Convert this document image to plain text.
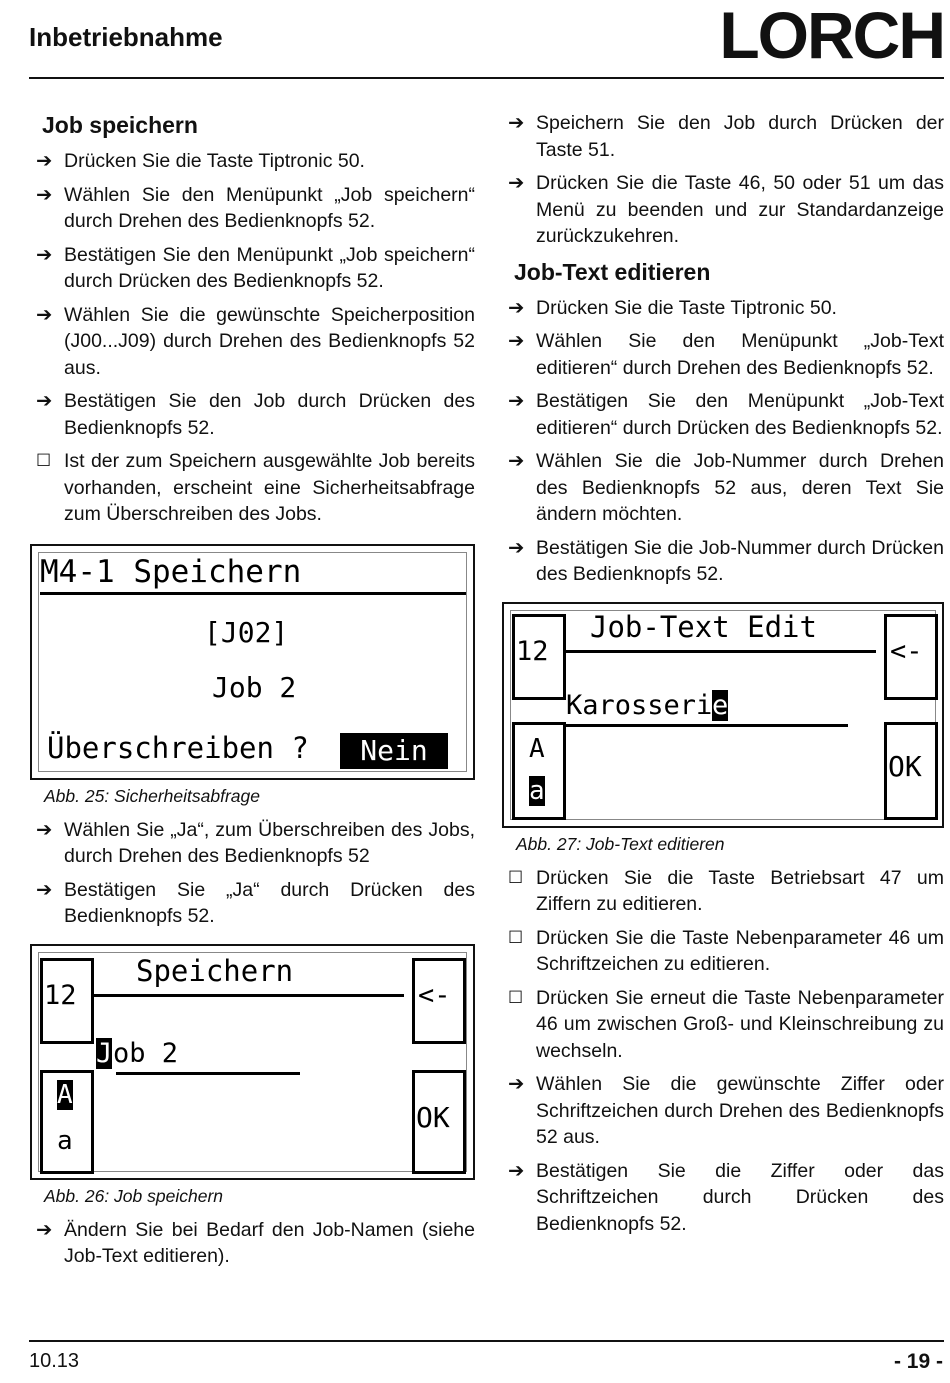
Inbetriebnahme	LORCH
Job speichern
➔ Drücken Sie die Taste Tiptronic 50.
➔ Wählen Sie den Menüpunkt „Job speichern“ durch Drehen des Bedienknopfs 52.
➔ Bestätigen Sie den Menüpunkt „Job speichern“ durch Drücken des Bedienknopfs 52.
➔ Wählen Sie die gewünschte Speicherposition (J00...J09) durch Drehen des Bedienknopfs 52 aus.
➔ Bestätigen Sie den Job durch Drücken des Bedienknopfs 52.
☐ Ist der zum Speichern ausgewählte Job bereits vorhanden, erscheint eine Sicherheitsabfrage zum Überschreiben des Jobs.
M4-1 Speichern
[J02]
Job 2
Überschreiben ?	Nein
Abb. 25: Sicherheitsabfrage
➔ Wählen Sie „Ja“, zum Überschreiben des Jobs, durch Drehen des Bedienknopfs 52
➔ Bestätigen Sie „Ja“ durch Drücken des Bedienknopfs 52.
12
Speichern
<-
J ob 2
A
a
OK
Abb. 26: Job speichern
➔ Ändern Sie bei Bedarf den Job-Namen (siehe Job-Text editieren).
➔ Speichern Sie den Job durch Drücken der Taste 51.
➔ Drücken Sie die Taste 46, 50 oder 51 um das Menü zu beenden und zur Standardanzeige zurückzukehren.
Job-Text editieren
➔ Drücken Sie die Taste Tiptronic 50.
➔ Wählen Sie den Menüpunkt „Job-Text editieren“ durch Drehen des Bedienknopfs 52.
➔ Bestätigen Sie den Menüpunkt „Job-Text editieren“ durch Drücken des Bedienknopfs 52.
➔ Wählen Sie die Job-Nummer durch Drehen des Bedienknopfs 52 aus, deren Text Sie ändern möchten.
➔ Bestätigen Sie die Job-Nummer durch Drücken des Bedienknopfs 52.
12
Job-Text Edit
<-
Karosseri e
A
a
OK
Abb. 27: Job-Text editieren
☐ Drücken Sie die Taste Betriebsart 47 um Ziffern zu editieren.
☐ Drücken Sie die Taste Nebenparameter 46 um Schriftzeichen zu editieren.
☐ Drücken Sie erneut die Taste Nebenparameter 46 um zwischen Groß- und Kleinschreibung zu wechseln.
➔ Wählen Sie die gewünschte Ziffer oder Schriftzeichen durch Drehen des Bedienknopfs 52 aus.
➔ Bestätigen Sie die Ziffer oder das Schriftzeichen durch Drücken des Bedienknopfs 52.
10.13	- 19 -
